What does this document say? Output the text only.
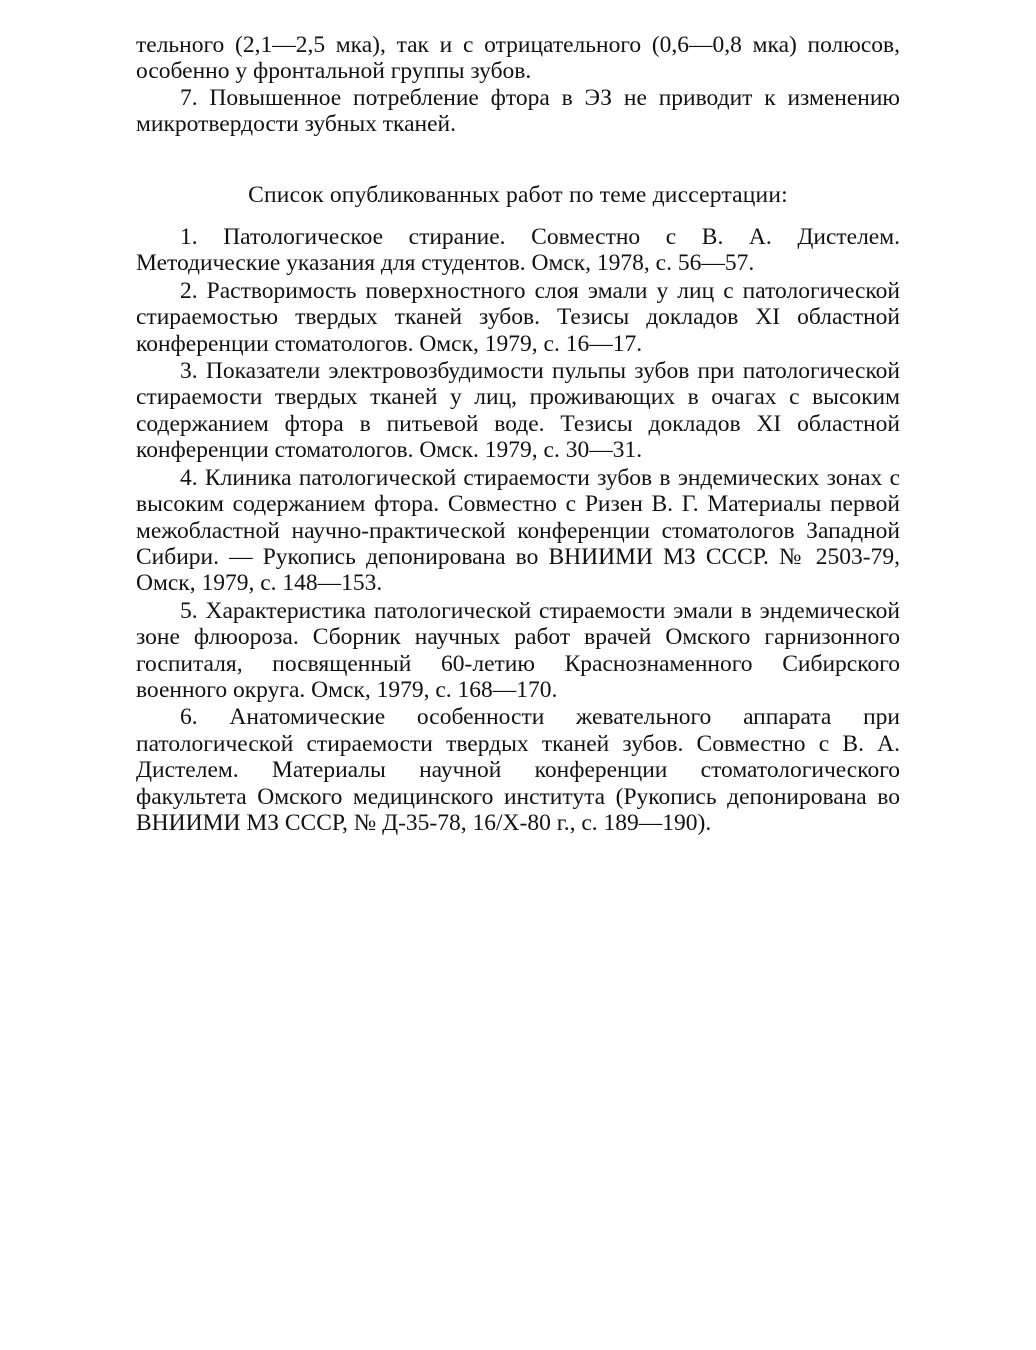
тельного (2,1—2,5 мка), так и с отрицательного (0,6—0,8 мка) полюсов, особенно у фронтальной группы зубов.

7. Повышенное потребление фтора в ЭЗ не приводит к изменению микротвердости зубных тканей.

Список опубликованных работ по теме диссертации:

1. Патологическое стирание. Совместно с В. А. Дистелем. Методические указания для студентов. Омск, 1978, с. 56—57.

2. Растворимость поверхностного слоя эмали у лиц с патологической стираемостью твердых тканей зубов. Тезисы докладов XI областной конференции стоматологов. Омск, 1979, с. 16—17.

3. Показатели электровозбудимости пульпы зубов при патологической стираемости твердых тканей у лиц, проживающих в очагах с высоким содержанием фтора в питьевой воде. Тезисы докладов XI областной конференции стоматологов. Омск. 1979, с. 30—31.

4. Клиника патологической стираемости зубов в эндемических зонах с высоким содержанием фтора. Совместно с Ризен В. Г. Материалы первой межобластной научно-практической конференции стоматологов Западной Сибири. — Рукопись депонирована во ВНИИМИ МЗ СССР. № 2503-79, Омск, 1979, с. 148—153.

5. Характеристика патологической стираемости эмали в эндемической зоне флюороза. Сборник научных работ врачей Омского гарнизонного госпиталя, посвященный 60-летию Краснознаменного Сибирского военного округа. Омск, 1979, с. 168—170.

6. Анатомические особенности жевательного аппарата при патологической стираемости твердых тканей зубов. Совместно с В. А. Дистелем. Материалы научной конференции стоматологического факультета Омского медицинского института (Рукопись депонирована во ВНИИМИ МЗ СССР, № Д-35-78, 16/Х-80 г., с. 189—190).
